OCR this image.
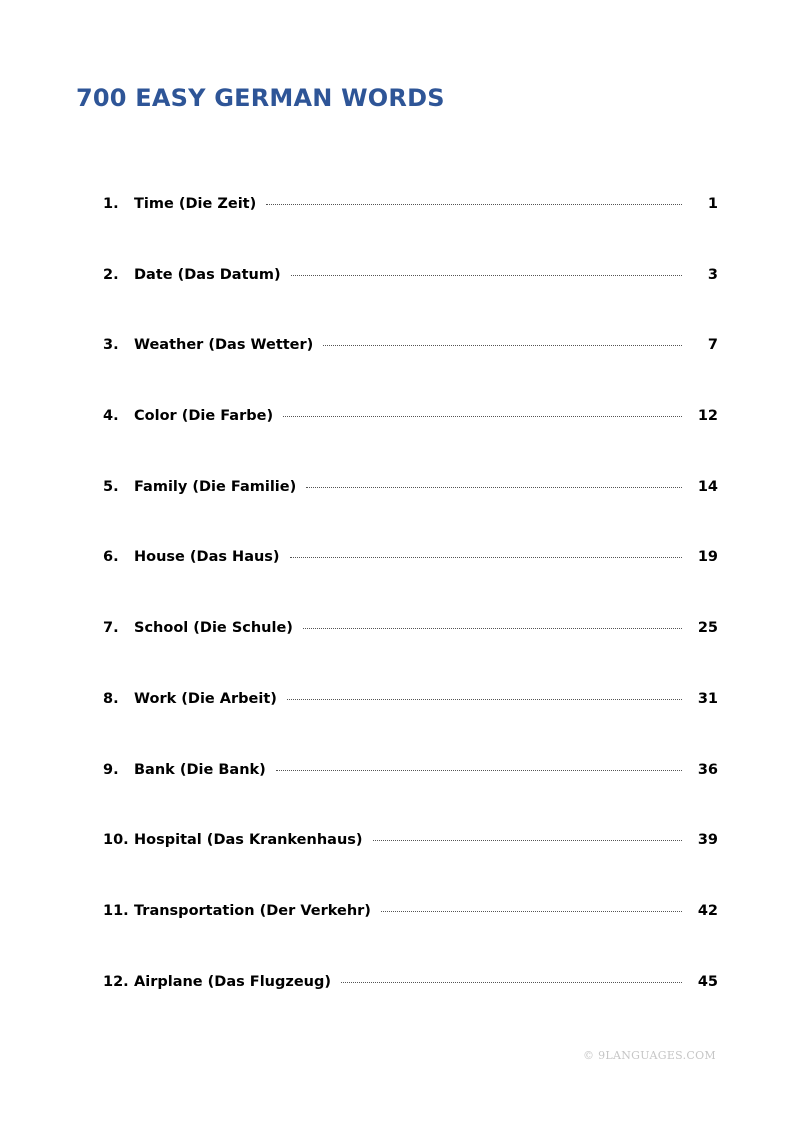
700 EASY GERMAN WORDS
1.	Time (Die Zeit)	1
2.	Date (Das Datum)	3
3.	Weather (Das Wetter)	7
4.	Color (Die Farbe)	12
5.	Family (Die Familie)	14
6.	House (Das Haus)	19
7.	School (Die Schule)	25
8.	Work (Die Arbeit)	31
9.	Bank (Die Bank)	36
10. Hospital (Das Krankenhaus)	39
11. Transportation (Der Verkehr)	42
12. Airplane (Das Flugzeug)	45
© 9LANGUAGES.COM
